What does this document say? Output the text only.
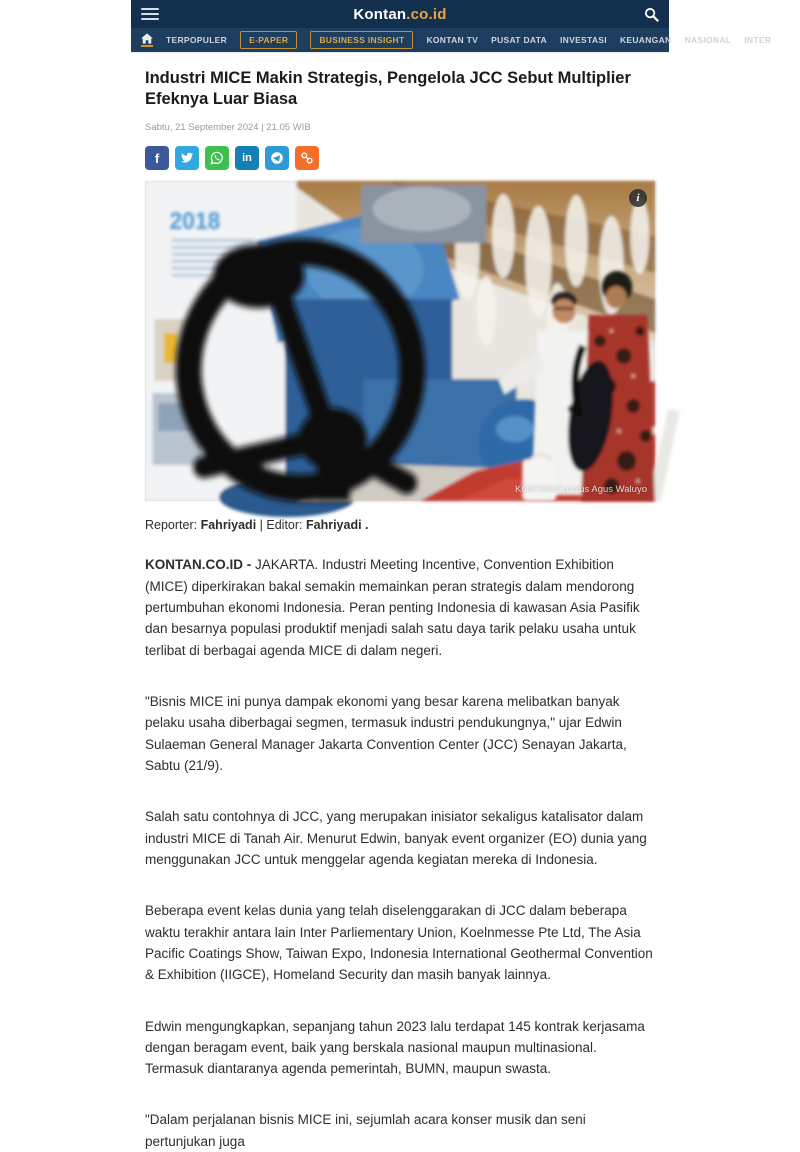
Kontan.co.id
TERPOPULER	E-PAPER	BUSINESS INSIGHT	KONTAN TV PUSAT DATA INVESTASI KEUANGAN NASIONAL INTER
Industri MICE Makin Strategis, Pengelola JCC Sebut Multiplier Efeknya Luar Biasa
Sabtu, 21 September 2024 | 21.05 WIB
f	in
2018
i
KONTAN/Carolus Agus Waluyo
Reporter: Fahriyadi | Editor: Fahriyadi .

KONTAN.CO.ID - JAKARTA. Industri Meeting Incentive, Convention Exhibition (MICE) diperkirakan bakal semakin memainkan peran strategis dalam mendorong pertumbuhan ekonomi Indonesia. Peran penting Indonesia di kawasan Asia Pasifik dan besarnya populasi produktif menjadi salah satu daya tarik pelaku usaha untuk terlibat di berbagai agenda MICE di dalam negeri.

"Bisnis MICE ini punya dampak ekonomi yang besar karena melibatkan banyak pelaku usaha diberbagai segmen, termasuk industri pendukungnya," ujar Edwin Sulaeman General Manager Jakarta Convention Center (JCC) Senayan Jakarta, Sabtu (21/9).

Salah satu contohnya di JCC, yang merupakan inisiator sekaligus katalisator dalam industri MICE di Tanah Air. Menurut Edwin, banyak event organizer (EO) dunia yang menggunakan JCC untuk menggelar agenda kegiatan mereka di Indonesia.

Beberapa event kelas dunia yang telah diselenggarakan di JCC dalam beberapa waktu terakhir antara lain Inter Parliementary Union, Koelnmesse Pte Ltd, The Asia Pacific Coatings Show, Taiwan Expo, Indonesia International Geothermal Convention & Exhibition (IIGCE), Homeland Security dan masih banyak lainnya.

Edwin mengungkapkan, sepanjang tahun 2023 lalu terdapat 145 kontrak kerjasama dengan beragam event, baik yang berskala nasional maupun multinasional. Termasuk diantaranya agenda pemerintah, BUMN, maupun swasta.

"Dalam perjalanan bisnis MICE ini, sejumlah acara konser musik dan seni pertunjukan juga
